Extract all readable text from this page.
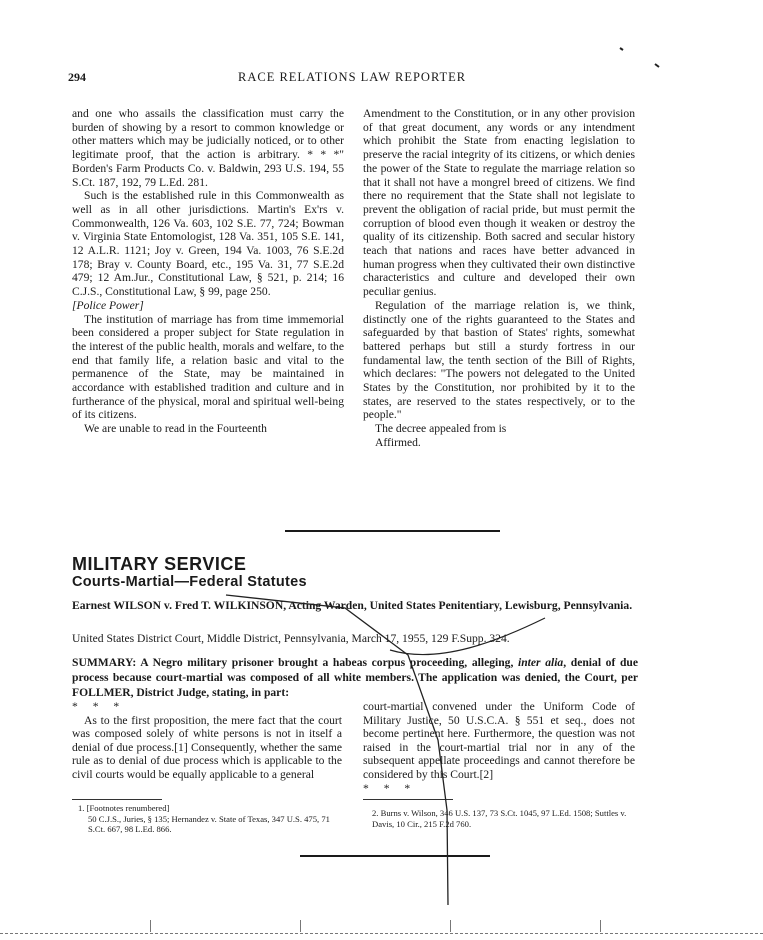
294	RACE RELATIONS LAW REPORTER

and one who assails the classification must carry the burden of showing by a resort to common knowledge or other matters which may be judicially noticed, or to other legitimate proof, that the action is arbitrary. * * *" Borden's Farm Products Co. v. Baldwin, 293 U.S. 194, 55 S.Ct. 187, 192, 79 L.Ed. 281.

Such is the established rule in this Commonwealth as well as in all other jurisdictions. Martin's Ex'rs v. Commonwealth, 126 Va. 603, 102 S.E. 77, 724; Bowman v. Virginia State Entomologist, 128 Va. 351, 105 S.E. 141, 12 A.L.R. 1121; Joy v. Green, 194 Va. 1003, 76 S.E.2d 178; Bray v. County Board, etc., 195 Va. 31, 77 S.E.2d 479; 12 Am.Jur., Constitutional Law, § 521, p. 214; 16 C.J.S., Constitutional Law, § 99, page 250.

[Police Power]

The institution of marriage has from time immemorial been considered a proper subject for State regulation in the interest of the public health, morals and welfare, to the end that family life, a relation basic and vital to the permanence of the State, may be maintained in accordance with established tradition and culture and in furtherance of the physical, moral and spiritual well-being of its citizens.

We are unable to read in the Fourteenth

Amendment to the Constitution, or in any other provision of that great document, any words or any intendment which prohibit the State from enacting legislation to preserve the racial integrity of its citizens, or which denies the power of the State to regulate the marriage relation so that it shall not have a mongrel breed of citizens. We find there no requirement that the State shall not legislate to prevent the obligation of racial pride, but must permit the corruption of blood even though it weaken or destroy the quality of its citizenship. Both sacred and secular history teach that nations and races have better advanced in human progress when they cultivated their own distinctive characteristics and culture and developed their own peculiar genius.

Regulation of the marriage relation is, we think, distinctly one of the rights guaranteed to the States and safeguarded by that bastion of States' rights, somewhat battered perhaps but still a sturdy fortress in our fundamental law, the tenth section of the Bill of Rights, which declares: "The powers not delegated to the United States by the Constitution, nor prohibited by it to the states, are reserved to the states respectively, or to the people."

The decree appealed from is

Affirmed.

MILITARY SERVICE
Courts-Martial—Federal Statutes
Earnest WILSON v. Fred T. WILKINSON, Acting Warden, United States Penitentiary, Lewisburg, Pennsylvania.
United States District Court, Middle District, Pennsylvania, March 17, 1955, 129 F.Supp. 324.
SUMMARY: A Negro military prisoner brought a habeas corpus proceeding, alleging, inter alia, denial of due process because court-martial was composed of all white members. The application was denied, the Court, per FOLLMER, District Judge, stating, in part:

* * *

As to the first proposition, the mere fact that the court was composed solely of white persons is not in itself a denial of due process.[1] Consequently, whether the same rule as to denial of due process which is applicable to the civil courts would be equally applicable to a general

court-martial convened under the Uniform Code of Military Justice, 50 U.S.C.A. § 551 et seq., does not become pertinent here. Furthermore, the question was not raised in the court-martial trial nor in any of the subsequent appellate proceedings and cannot therefore be considered by this Court.[2]

* * *

1. [Footnotes renumbered]
50 C.J.S., Juries, § 135; Hernandez v. State of Texas, 347 U.S. 475, 71 S.Ct. 667, 98 L.Ed. 866.
2. Burns v. Wilson, 346 U.S. 137, 73 S.Ct. 1045, 97 L.Ed. 1508; Suttles v. Davis, 10 Cir., 215 F.2d 760.
